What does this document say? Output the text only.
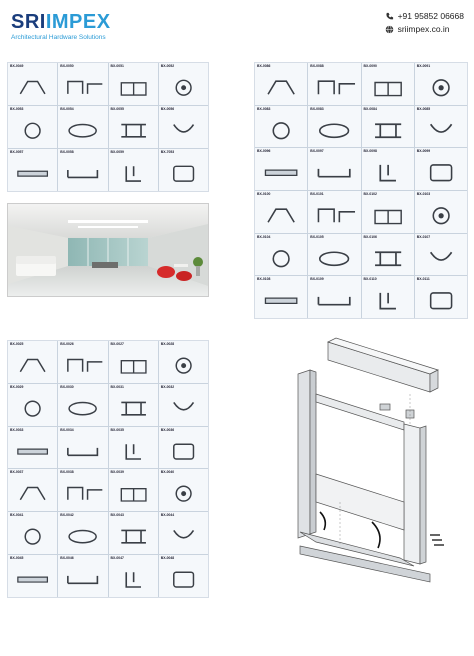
SRIIMPEX
Architectural Hardware Solutions
+91 95852 06668
sriimpex.co.in
BX-0049	BX-0050	BX-0051	BX-0052
BX-0053	BX-0054	BX-0055	BX-0056
BX-0057	BX-0058	BX-0059	BX-7053
BX-0086	BX-0088	BX-0090	BX-0091
BX-0083	BX-0083	BX-0084	BX-0085
BX-0096	BX-0097	BX-0098	BX-0099
BX-0100	BX-0101	BX-0102	BX-0103
BX-0104	BX-0105	BX-0106	BX-0107
BX-0108	BX-0109	BX-0110	BX-0111
BX-0025	BX-0026	BX-0027	BX-0028
BX-0029	BX-0030	BX-0031	BX-0032
BX-0033	BX-0034	BX-0035	BX-0036
BX-0037	BX-0038	BX-0039	BX-0040
BX-0041	BX-0042	BX-0043	BX-0044
BX-0045	BX-0046	BX-0047	BX-0048
